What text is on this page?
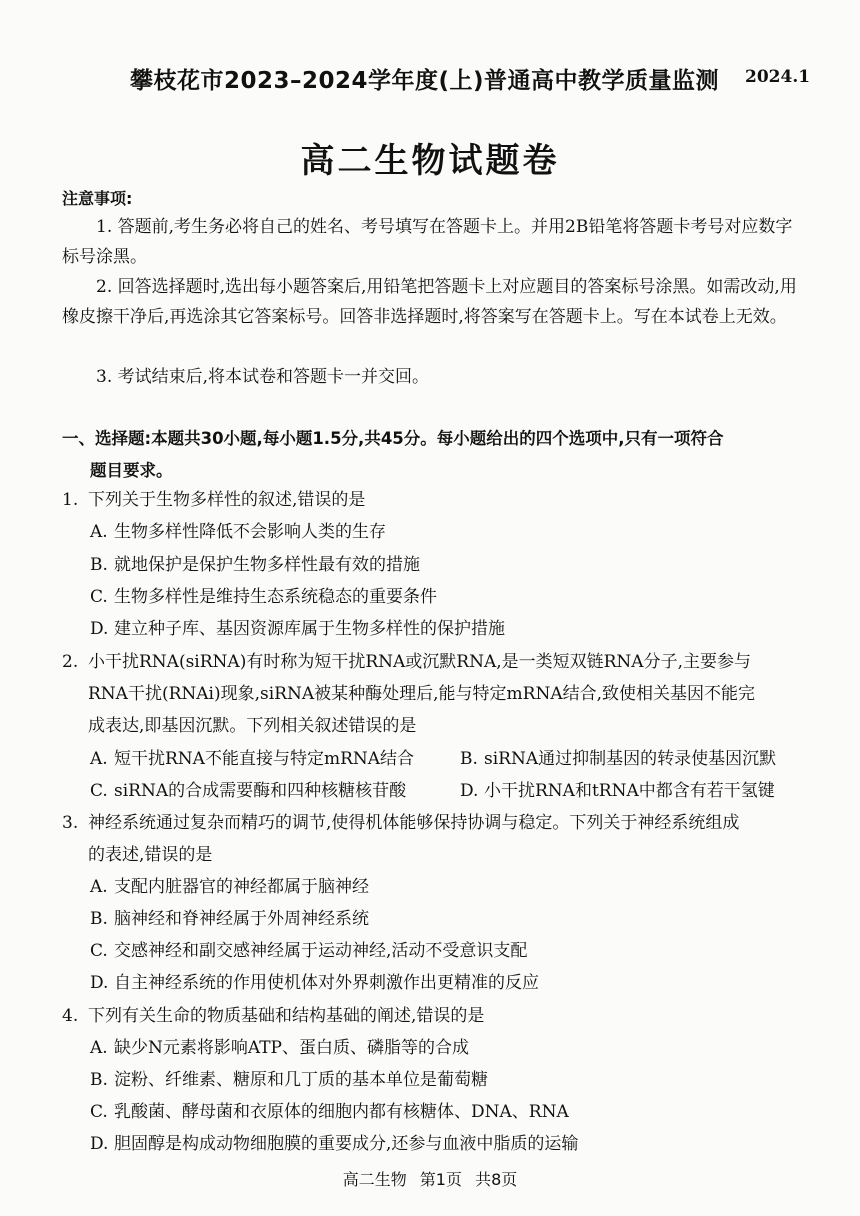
攀枝花市2023–2024学年度(上)普通高中教学质量监测 2024.1
高二生物试题卷
注意事项:
1. 答题前,考生务必将自己的姓名、考号填写在答题卡上。并用2B铅笔将答题卡考号对应数字标号涂黑。
2. 回答选择题时,选出每小题答案后,用铅笔把答题卡上对应题目的答案标号涂黑。如需改动,用橡皮擦干净后,再选涂其它答案标号。回答非选择题时,将答案写在答题卡上。写在本试卷上无效。
3. 考试结束后,将本试卷和答题卡一并交回。
一、选择题:本题共30小题,每小题1.5分,共45分。每小题给出的四个选项中,只有一项符合
题目要求。
1. 下列关于生物多样性的叙述,错误的是
A. 生物多样性降低不会影响人类的生存
B. 就地保护是保护生物多样性最有效的措施
C. 生物多样性是维持生态系统稳态的重要条件
D. 建立种子库、基因资源库属于生物多样性的保护措施
2. 小干扰RNA(siRNA)有时称为短干扰RNA或沉默RNA,是一类短双链RNA分子,主要参与
RNA干扰(RNAi)现象,siRNA被某种酶处理后,能与特定mRNA结合,致使相关基因不能完
成表达,即基因沉默。下列相关叙述错误的是
A. 短干扰RNA不能直接与特定mRNA结合	B. siRNA通过抑制基因的转录使基因沉默
C. siRNA的合成需要酶和四种核糖核苷酸	D. 小干扰RNA和tRNA中都含有若干氢键
3. 神经系统通过复杂而精巧的调节,使得机体能够保持协调与稳定。下列关于神经系统组成
的表述,错误的是
A. 支配内脏器官的神经都属于脑神经
B. 脑神经和脊神经属于外周神经系统
C. 交感神经和副交感神经属于运动神经,活动不受意识支配
D. 自主神经系统的作用使机体对外界刺激作出更精准的反应
4. 下列有关生命的物质基础和结构基础的阐述,错误的是
A. 缺少N元素将影响ATP、蛋白质、磷脂等的合成
B. 淀粉、纤维素、糖原和几丁质的基本单位是葡萄糖
C. 乳酸菌、酵母菌和衣原体的细胞内都有核糖体、DNA、RNA
D. 胆固醇是构成动物细胞膜的重要成分,还参与血液中脂质的运输
高二生物 第1页 共8页
